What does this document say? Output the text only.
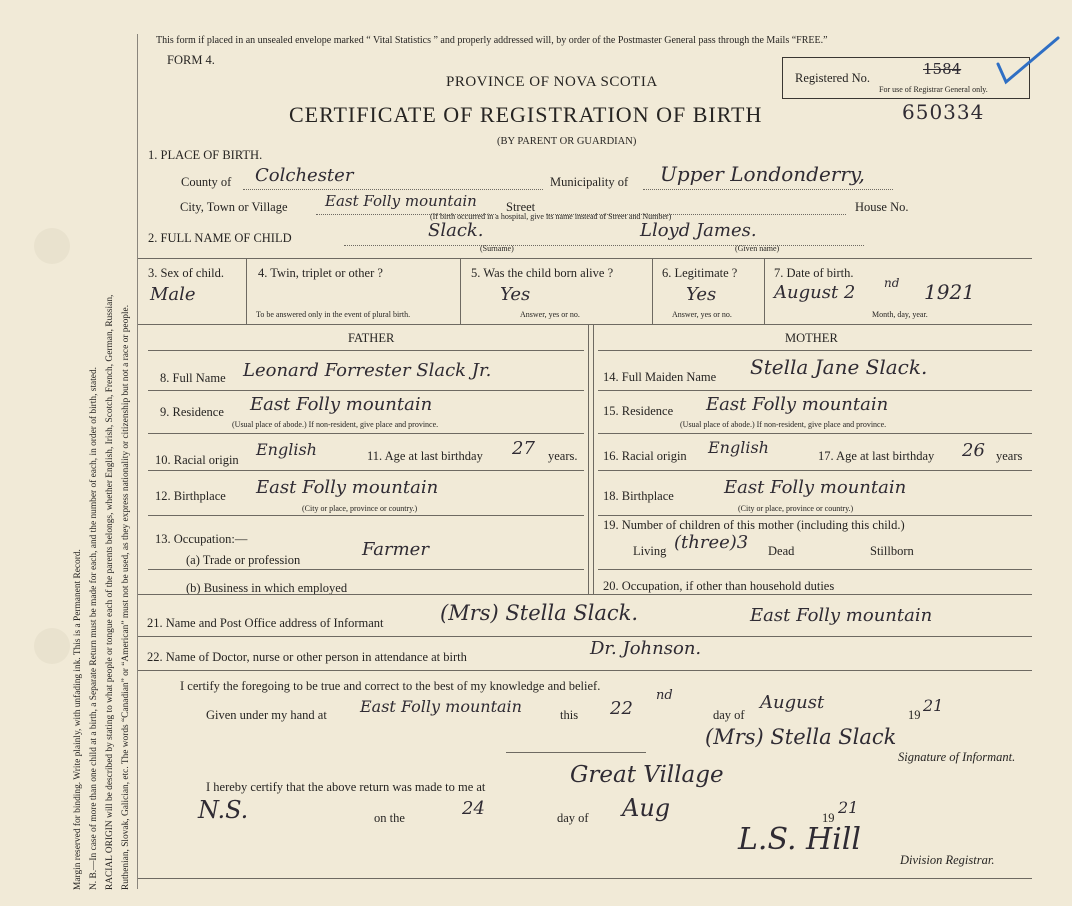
Margin reserved for binding. Write plainly, with unfading ink. This is a Permanent Record. N. B.—In case of more than one child at a birth, a Separate Return must be made for each, and the number of each, in order of birth, stated. RACIAL ORIGIN will be described by stating to what people or tongue each of the parents belongs, whether English, Irish, Scotch, French, German, Russian, Ruthenian, Slovak, Galician, etc. The words “Canadian” or “American” must not be used, as they express nationality or citizenship but not a race or people.
This form if placed in an unsealed envelope marked “ Vital Statistics ” and properly addressed will, by order of the Postmaster General pass through the Mails “FREE.”
FORM 4.
PROVINCE OF NOVA SCOTIA
CERTIFICATE OF REGISTRATION OF BIRTH
(BY PARENT OR GUARDIAN)
Registered No.	1584
For use of Registrar General only.
650334
1. PLACE OF BIRTH.
County of Colchester	Municipality of Upper Londonderry,
City, Town or Village East Folly mountain Street	House No.
(If birth occurred in a hospital, give its name instead of Street and Number)
2. FULL NAME OF CHILD	Slack.
(Surname)
Lloyd James.
(Given name)
3. Sex of child.
Male
4. Twin, triplet or other ?
To be answered only in the event of plural birth.
5. Was the child born alive ?
Yes
Answer, yes or no.
6. Legitimate ?
Yes
Answer, yes or no.
7. Date of birth.
August 2 nd 1921
Month, day, year.
FATHER	MOTHER
8. Full Name Leonard Forrester Slack Jr.
9. Residence East Folly mountain
(Usual place of abode.) If non-resident, give place and province.
10. Racial origin
English	11. Age at last birthday 27 years.
12. Birthplace East Folly mountain
(City or place, province or country.)
13. Occupation:—
(a) Trade or profession	Farmer
(b) Business in which employed
14. Full Maiden Name Stella Jane Slack.
15. Residence East Folly mountain
(Usual place of abode.) If non-resident, give place and province.
16. Racial origin English	17. Age at last birthday 26 years
18. Birthplace	East Folly mountain
(City or place, province or country.)
19. Number of children of this mother (including this child.)
Living (three)3 Dead	Stillborn
20. Occupation, if other than household duties
21. Name and Post Office address of Informant	(Mrs) Stella Slack.	East Folly mountain
22. Name of Doctor, nurse or other person in attendance at birth	Dr. Johnson.
I certify the foregoing to be true and correct to the best of my knowledge and belief.
Given under my hand at East Folly mountain	this 22
nd
day of
August
19 21
(Mrs) Stella Slack
Signature of Informant.
I hereby certify that the above return was made to me at	Great Village
N.S.	on the	24	day of Aug	19
21
L.S. Hill
Division Registrar.
